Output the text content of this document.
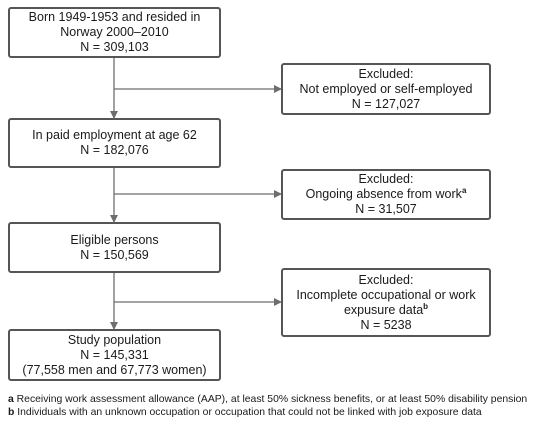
Born 1949-1953 and resided in
Norway 2000–2010
N = 309,103
Excluded:
Not employed or self-employed
N = 127,027
In paid employment at age 62
N = 182,076
Excluded:
Ongoing absence from work$^a$
N = 31,507
Eligible persons
N = 150,569
Excluded:
Incomplete occupational or work
expusure data$^b$
N = 5238
Study population
N = 145,331
(77,558 men and 67,773 women)
a Receiving work assessment allowance (AAP), at least 50% sickness benefits, or at least 50% disability pension
b Individuals with an unknown occupation or occupation that could not be linked with job exposure data
